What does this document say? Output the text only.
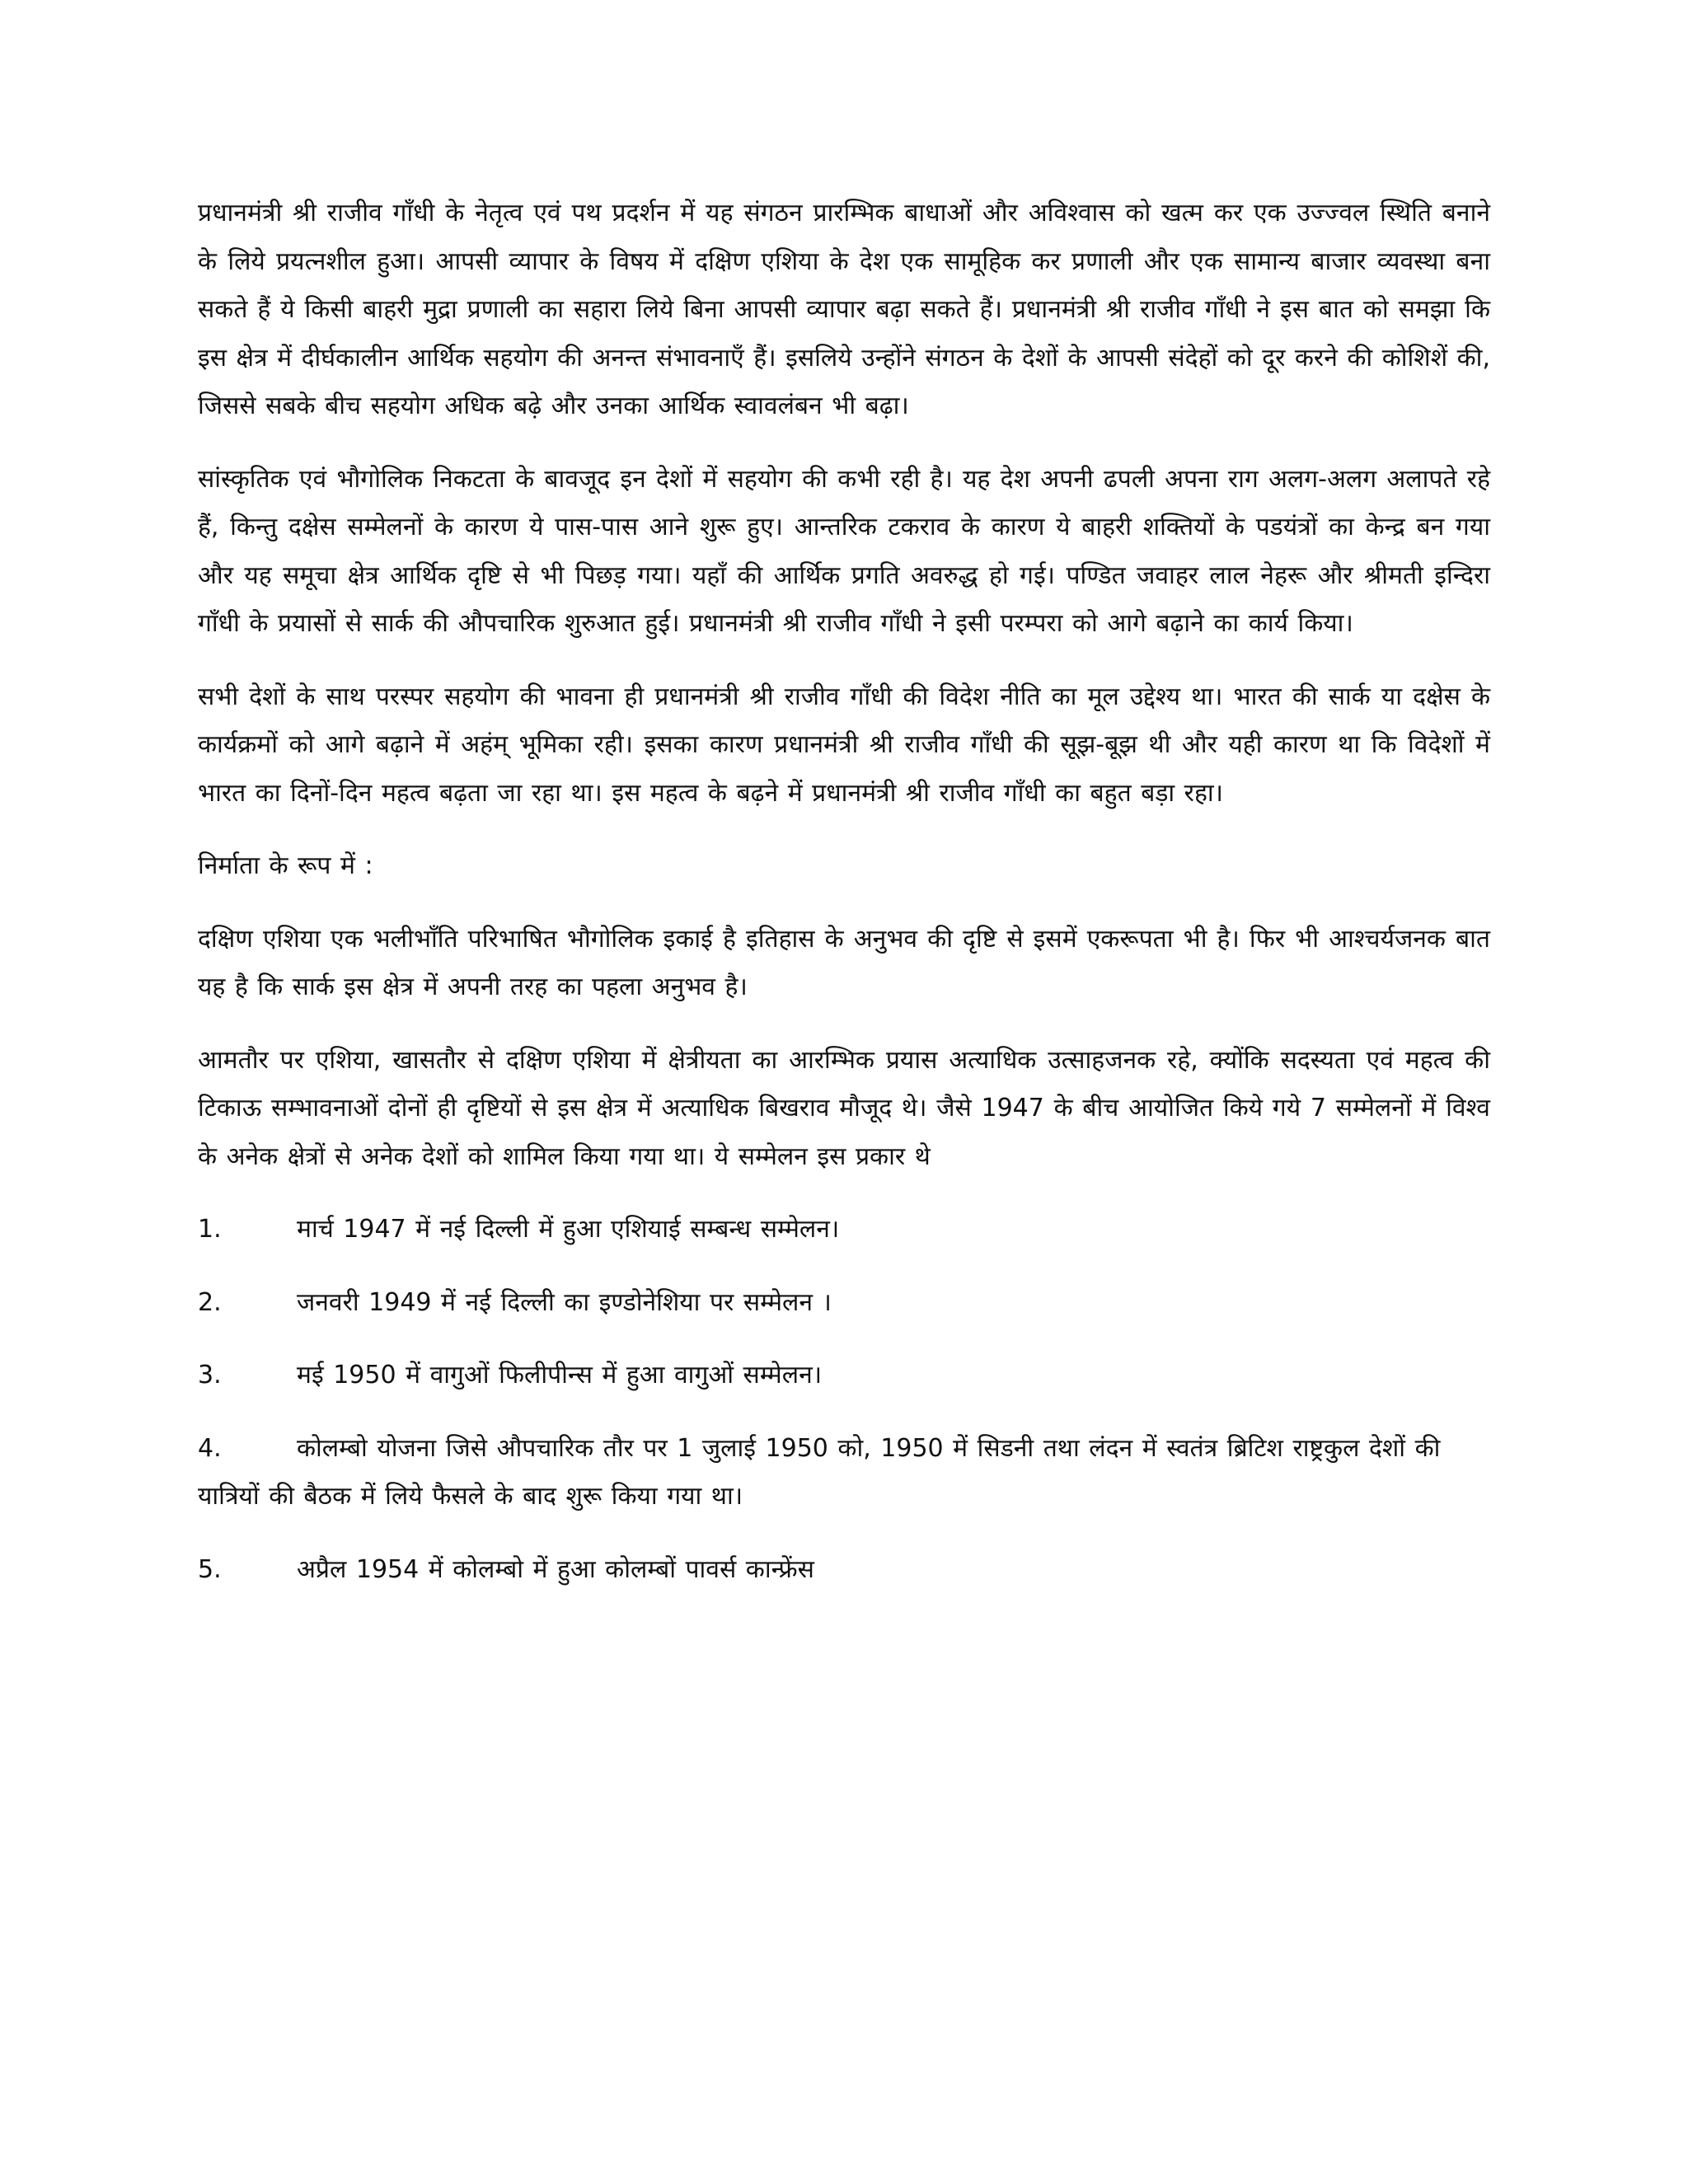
प्रधानमंत्री श्री राजीव गाँधी के नेतृत्व एवं पथ प्रदर्शन में यह संगठन प्रारम्भिक बाधाओं और अविश्वास को खत्म कर एक उज्ज्वल स्थिति बनाने के लिये प्रयत्नशील हुआ। आपसी व्यापार के विषय में दक्षिण एशिया के देश एक सामूहिक कर प्रणाली और एक सामान्य बाजार व्यवस्था बना सकते हैं ये किसी बाहरी मुद्रा प्रणाली का सहारा लिये बिना आपसी व्यापार बढ़ा सकते हैं। प्रधानमंत्री श्री राजीव गाँधी ने इस बात को समझा कि इस क्षेत्र में दीर्घकालीन आर्थिक सहयोग की अनन्त संभावनाएँ हैं। इसलिये उन्होंने संगठन के देशों के आपसी संदेहों को दूर करने की कोशिशें की, जिससे सबके बीच सहयोग अधिक बढ़े और उनका आर्थिक स्वावलंबन भी बढ़ा।

सांस्कृतिक एवं भौगोलिक निकटता के बावजूद इन देशों में सहयोग की कभी रही है। यह देश अपनी ढपली अपना राग अलग-अलग अलापते रहे हैं, किन्तु दक्षेस सम्मेलनों के कारण ये पास-पास आने शुरू हुए। आन्तरिक टकराव के कारण ये बाहरी शक्तियों के पडयंत्रों का केन्द्र बन गया और यह समूचा क्षेत्र आर्थिक दृष्टि से भी पिछड़ गया। यहाँ की आर्थिक प्रगति अवरुद्ध हो गई। पण्डित जवाहर लाल नेहरू और श्रीमती इन्दिरा गाँधी के प्रयासों से सार्क की औपचारिक शुरुआत हुई। प्रधानमंत्री श्री राजीव गाँधी ने इसी परम्परा को आगे बढ़ाने का कार्य किया।

सभी देशों के साथ परस्पर सहयोग की भावना ही प्रधानमंत्री श्री राजीव गाँधी की विदेश नीति का मूल उद्देश्य था। भारत की सार्क या दक्षेस के कार्यक्रमों को आगे बढ़ाने में अहंम् भूमिका रही। इसका कारण प्रधानमंत्री श्री राजीव गाँधी की सूझ-बूझ थी और यही कारण था कि विदेशों में भारत का दिनों-दिन महत्व बढ़ता जा रहा था। इस महत्व के बढ़ने में प्रधानमंत्री श्री राजीव गाँधी का बहुत बड़ा रहा।

निर्माता के रूप में :

दक्षिण एशिया एक भलीभाँति परिभाषित भौगोलिक इकाई है इतिहास के अनुभव की दृष्टि से इसमें एकरूपता भी है। फिर भी आश्चर्यजनक बात यह है कि सार्क इस क्षेत्र में अपनी तरह का पहला अनुभव है।

आमतौर पर एशिया, खासतौर से दक्षिण एशिया में क्षेत्रीयता का आरम्भिक प्रयास अत्याधिक उत्साहजनक रहे, क्योंकि सदस्यता एवं महत्व की टिकाऊ सम्भावनाओं दोनों ही दृष्टियों से इस क्षेत्र में अत्याधिक बिखराव मौजूद थे। जैसे 1947 के बीच आयोजित किये गये 7 सम्मेलनों में विश्व के अनेक क्षेत्रों से अनेक देशों को शामिल किया गया था। ये सम्मेलन इस प्रकार थे

1.	मार्च 1947 में नई दिल्ली में हुआ एशियाई सम्बन्ध सम्मेलन।
2.	जनवरी 1949 में नई दिल्ली का इण्डोनेशिया पर सम्मेलन ।
3.	मई 1950 में वागुओं फिलीपीन्स में हुआ वागुओं सम्मेलन।
4.	कोलम्बो योजना जिसे औपचारिक तौर पर 1 जुलाई 1950 को, 1950 में सिडनी तथा लंदन में स्वतंत्र ब्रिटिश राष्ट्रकुल देशों की यात्रियों की बैठक में लिये फैसले के बाद शुरू किया गया था।
5.	अप्रैल 1954 में कोलम्बो में हुआ कोलम्बों पावर्स कान्फ्रेंस
